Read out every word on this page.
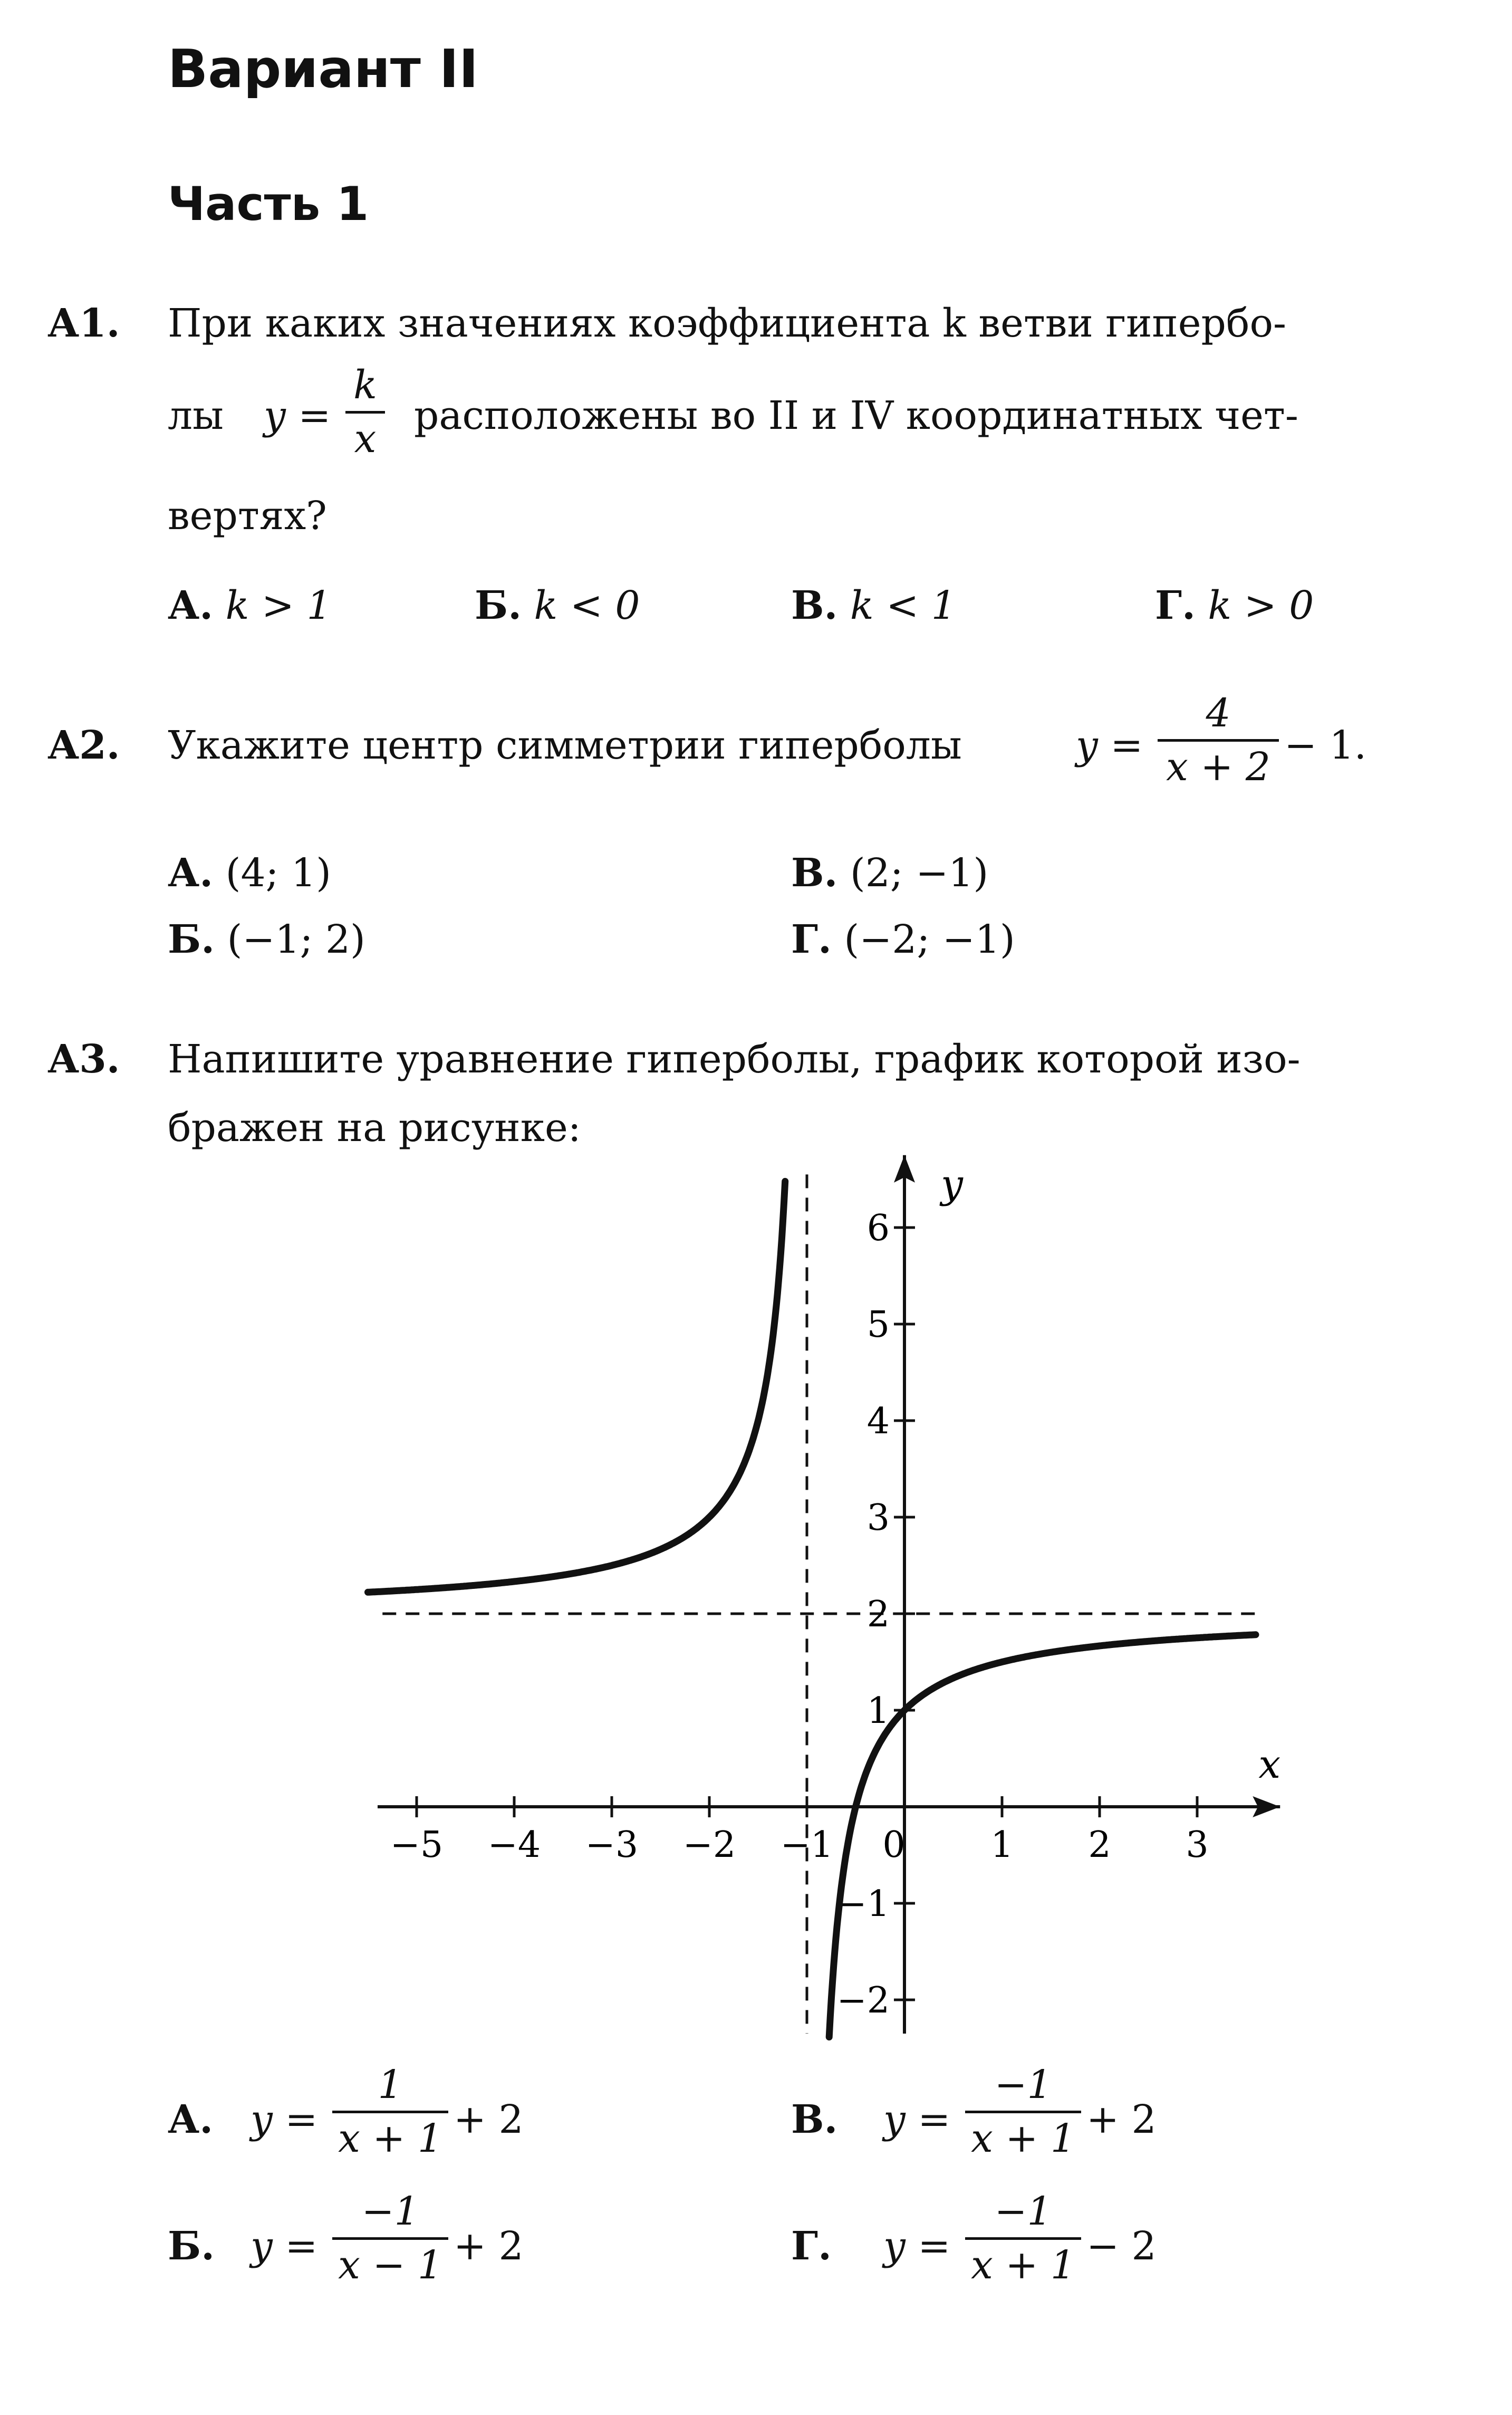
Вариант II
Часть 1
А1. При каких значениях коэффициента k ветви гипербо-
лы y =
k
x
расположены во II и IV координатных чет-
вертях?
А. k > 1	Б. k < 0	В. k < 1	Г. k > 0
А2. Укажите центр симметрии гиперболы	y =
4
x + 2 − 1.
А. (4; 1)	В. (2; −1)
Б. (−1; 2)	Г. (−2; −1)
А3. Напишите уравнение гиперболы, график которой изо-
бражен на рисунке:
x
y
−5 −4 −3 −2 −1 0 1 2 3
−2
−1
1
2
3
4
5
6
А. y =
1
x + 1 + 2	В. y =
−1
x + 1 + 2
Б. y =
−1
x − 1 + 2	Г. y =
−1
x + 1 − 2
